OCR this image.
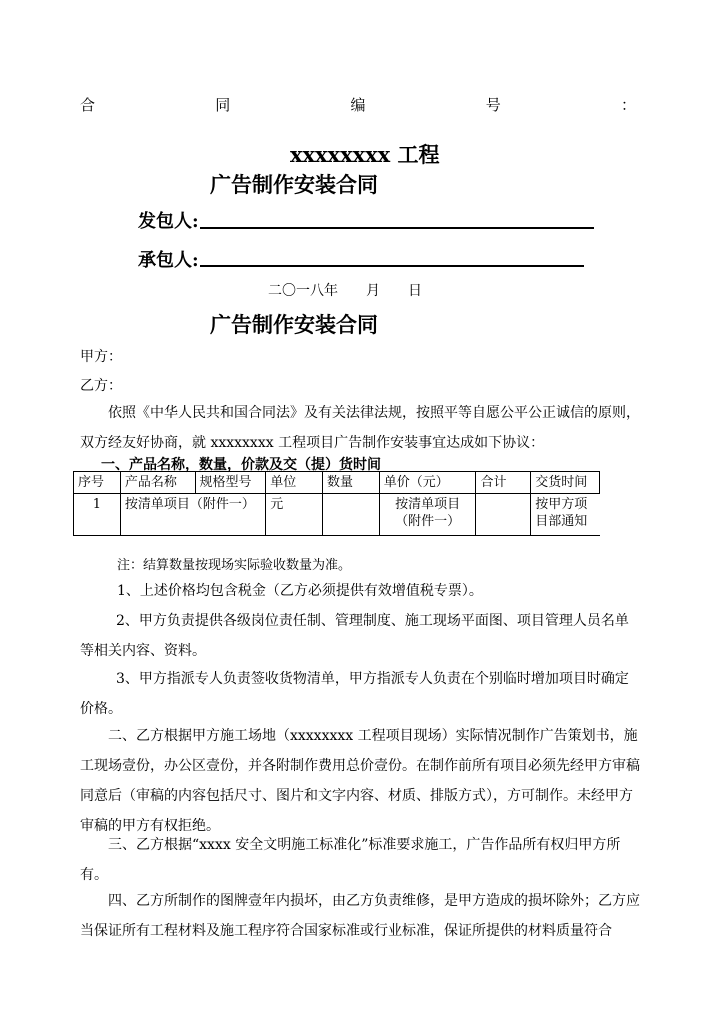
合	同	编	号	：
xxxxxxxx 工程
广告制作安装合同
发包人:
承包人:
二〇一八年　　月　　日
广告制作安装合同
甲方：
乙方：
依照《中华人民共和国合同法》及有关法律法规，按照平等自愿公平公正诚信的原则，双方经友好协商，就 xxxxxxxx 工程项目广告制作安装事宜达成如下协议：
一、产品名称，数量，价款及交（提）货时间
序号	产品名称	规格型号	单位	数量	单价（元）	合计	交货时间
1	按清单项目（附件一）		元		按清单项目（附件一）		按甲方项目部通知
注：结算数量按现场实际验收数量为准。
1、上述价格均包含税金（乙方必须提供有效增值税专票）。
2、甲方负责提供各级岗位责任制、管理制度、施工现场平面图、项目管理人员名单等相关内容、资料。
3、甲方指派专人负责签收货物清单，甲方指派专人负责在个别临时增加项目时确定价格。
二、乙方根据甲方施工场地（xxxxxxxx 工程项目现场）实际情况制作广告策划书，施工现场壹份，办公区壹份，并各附制作费用总价壹份。在制作前所有项目必须先经甲方审稿同意后（审稿的内容包括尺寸、图片和文字内容、材质、排版方式），方可制作。未经甲方审稿的甲方有权拒绝。
三、乙方根据“xxxx 安全文明施工标准化”标准要求施工，广告作品所有权归甲方所有。
四、乙方所制作的图牌壹年内损坏，由乙方负责维修，是甲方造成的损坏除外；乙方应当保证所有工程材料及施工程序符合国家标准或行业标准，保证所提供的材料质量符合
